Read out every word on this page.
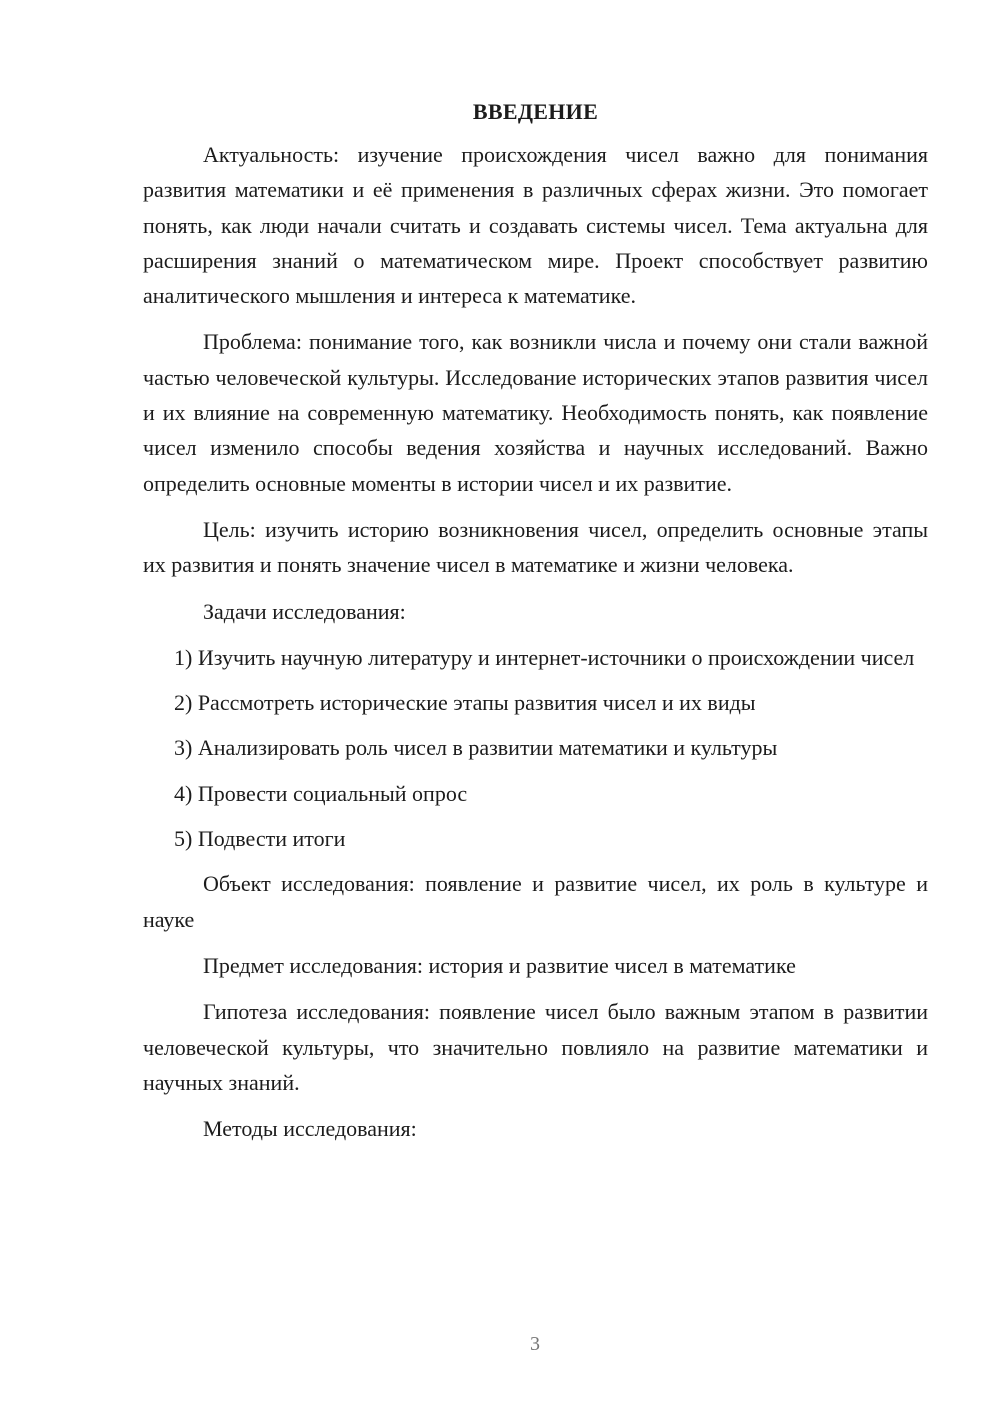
ВВЕДЕНИЕ

Актуальность: изучение происхождения чисел важно для понимания развития математики и её применения в различных сферах жизни. Это помогает понять, как люди начали считать и создавать системы чисел. Тема актуальна для расширения знаний о математическом мире. Проект способствует развитию аналитического мышления и интереса к математике.

Проблема: понимание того, как возникли числа и почему они стали важной частью человеческой культуры. Исследование исторических этапов развития чисел и их влияние на современную математику. Необходимость понять, как появление чисел изменило способы ведения хозяйства и научных исследований. Важно определить основные моменты в истории чисел и их развитие.

Цель: изучить историю возникновения чисел, определить основные этапы их развития и понять значение чисел в математике и жизни человека.

Задачи исследования:

1) Изучить научную литературу и интернет-источники о происхождении чисел

2) Рассмотреть исторические этапы развития чисел и их виды

3) Анализировать роль чисел в развитии математики и культуры

4) Провести социальный опрос

5) Подвести итоги

Объект исследования: появление и развитие чисел, их роль в культуре и науке

Предмет исследования: история и развитие чисел в математике

Гипотеза исследования: появление чисел было важным этапом в развитии человеческой культуры, что значительно повлияло на развитие математики и научных знаний.

Методы исследования:

3
